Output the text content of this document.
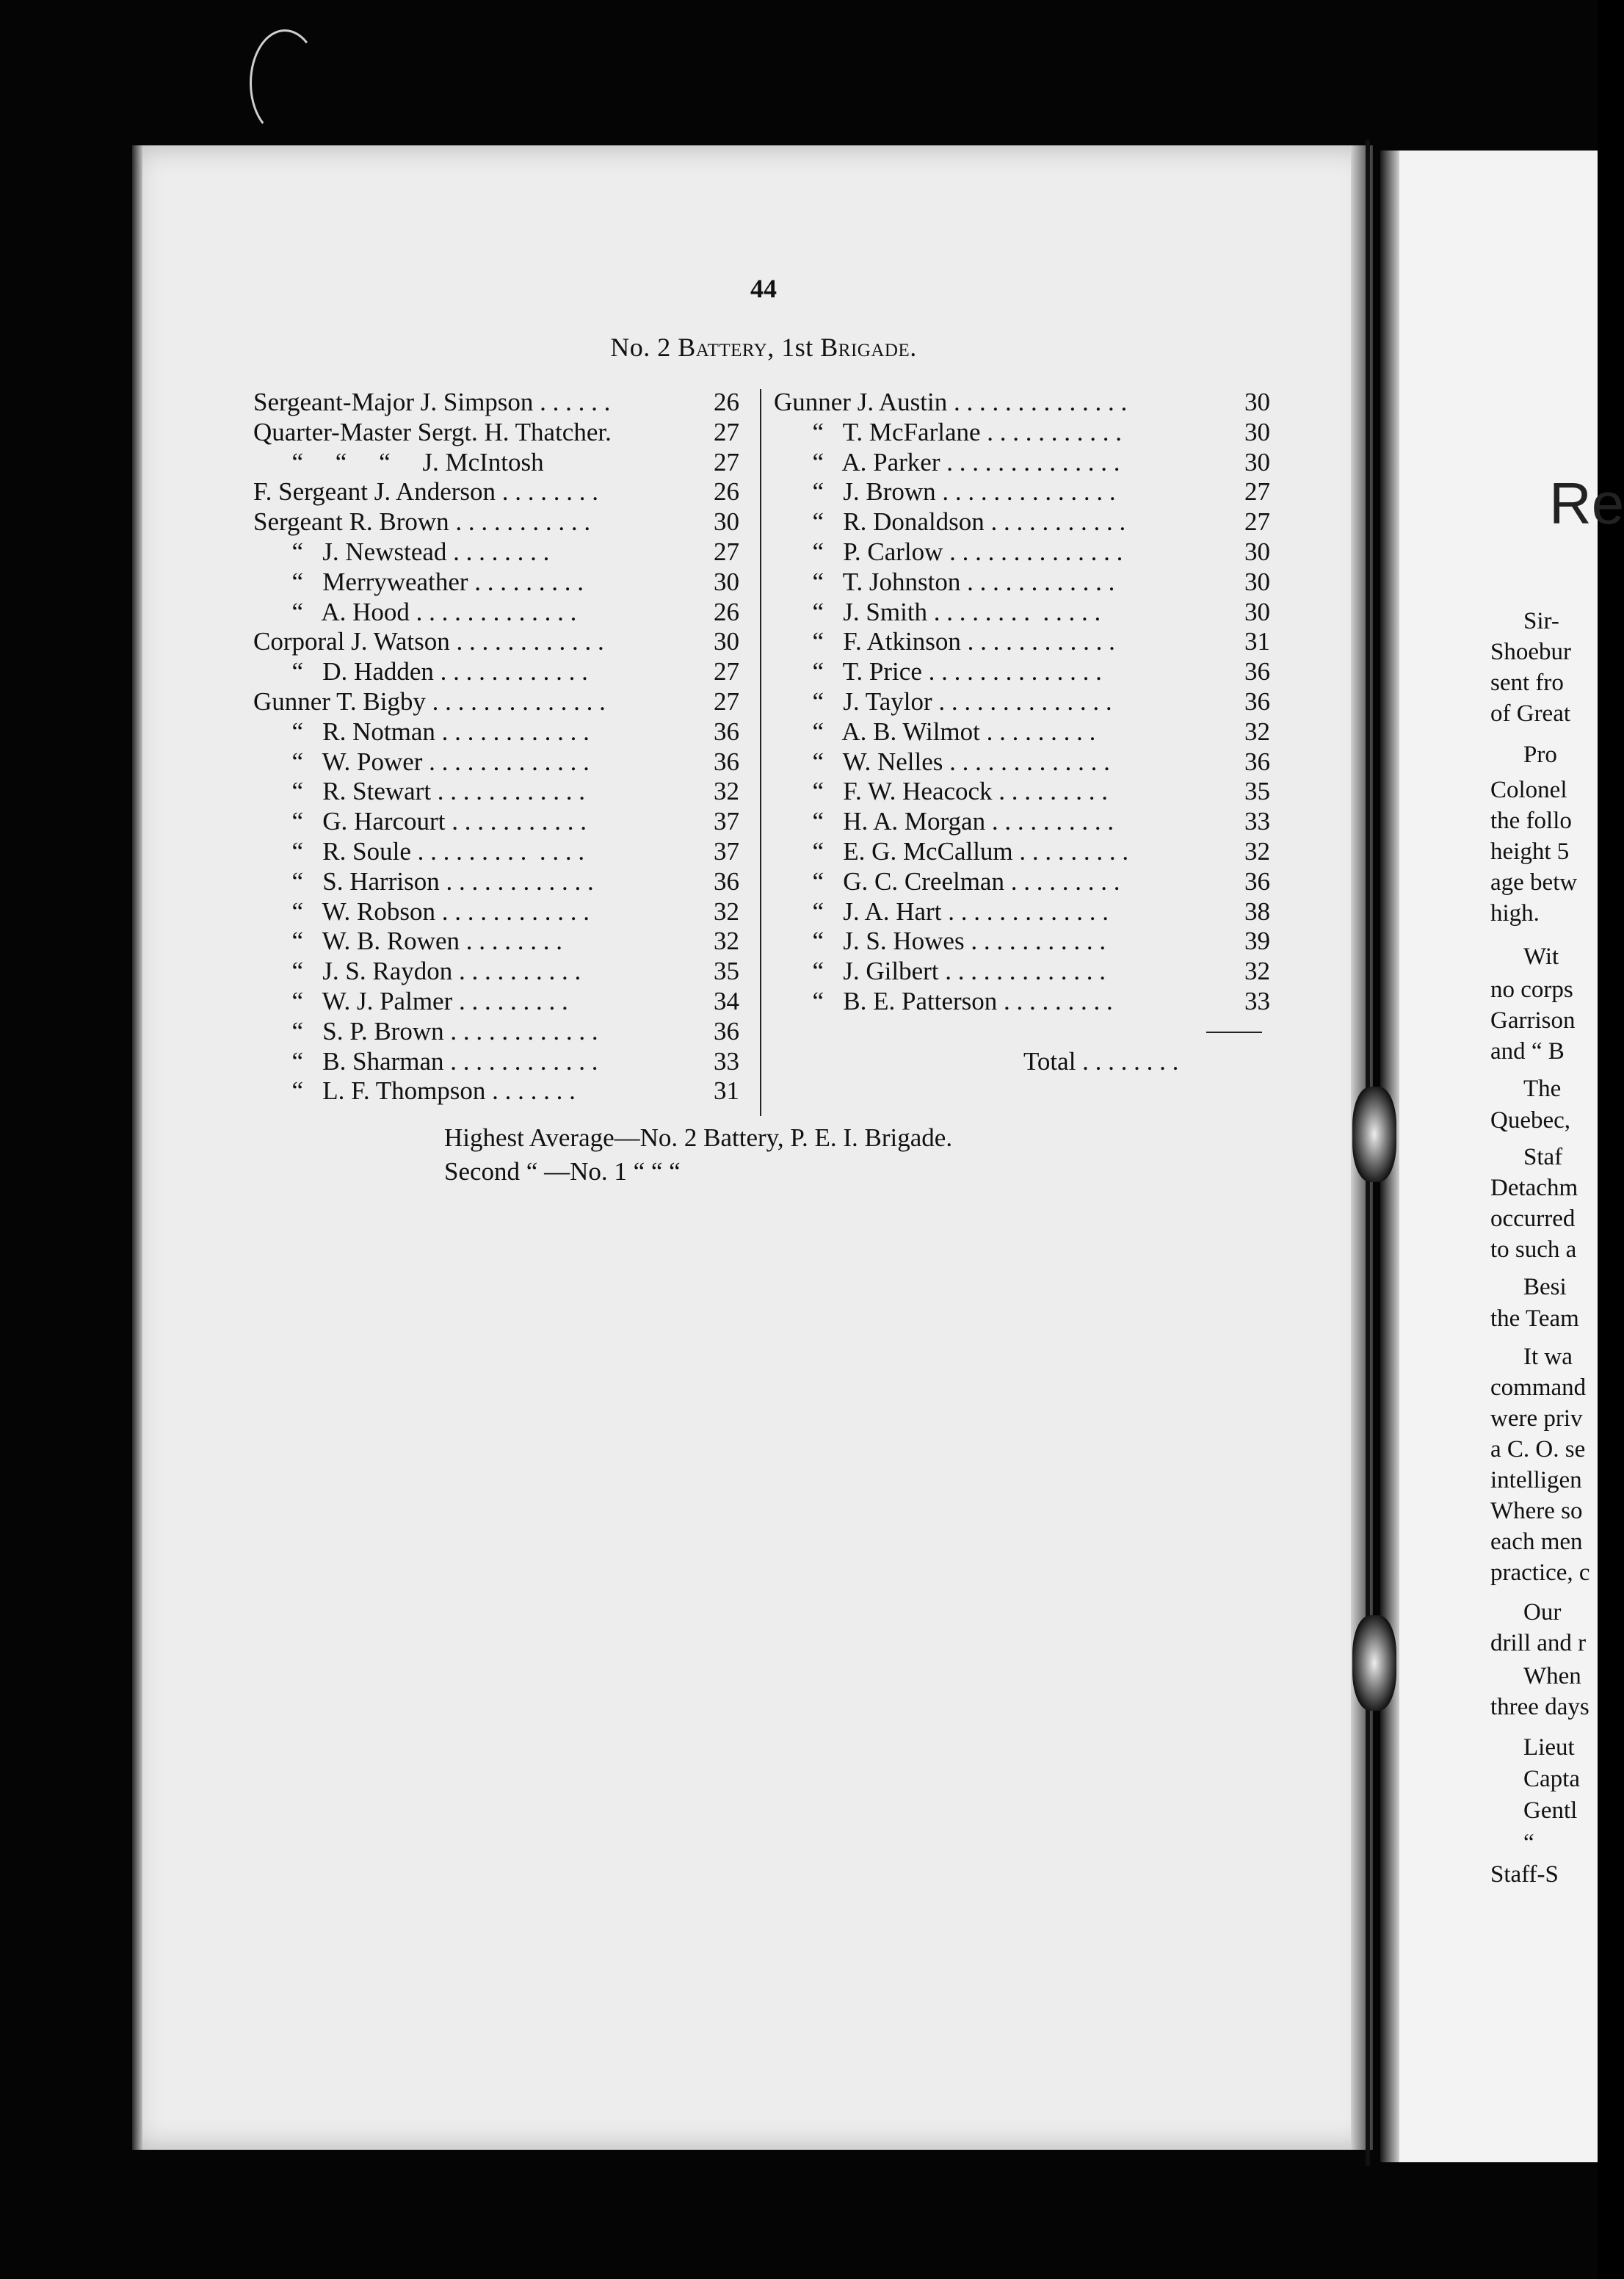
44
No. 2 Battery, 1st Brigade.
Sergeant-Major J. Simpson . . . . . .	26
Quarter-Master Sergt. H. Thatcher.	27
“     “     “     J. McIntosh	27
F. Sergeant J. Anderson . . . . . . . .	26
Sergeant R. Brown . . . . . . . . . . .	30
“   J. Newstead . . . . . . . .	27
“   Merryweather . . . . . . . . .	30
“   A. Hood . . . . . . . . . . . . .	26
Corporal J. Watson . . . . . . . . . . . .	30
“   D. Hadden . . . . . . . . . . . .	27
Gunner T. Bigby . . . . . . . . . . . . . .	27
“   R. Notman . . . . . . . . . . . .	36
“   W. Power . . . . . . . . . . . . .	36
“   R. Stewart . . . . . . . . . . . .	32
“   G. Harcourt . . . . . . . . . . .	37
“   R. Soule . . . . . . . . .  . . . .	37
“   S. Harrison . . . . . . . . . . . .	36
“   W. Robson . . . . . . . . . . . .	32
“   W. B. Rowen . . . . . . . .	32
“   J. S. Raydon . . . . . . . . . .	35
“   W. J. Palmer . . . . . . . . .	34
“   S. P. Brown . . . . . . . . . . . .	36
“   B. Sharman . . . . . . . . . . . .	33
“   L. F. Thompson . . . . . . .	31
Gunner J. Austin . . . . . . . . . . . . . .	30
“   T. McFarlane . . . . . . . . . . .	30
“   A. Parker . . . . . . . . . . . . . .	30
“   J. Brown . . . . . . . . . . . . . .	27
“   R. Donaldson . . . . . . . . . . .	27
“   P. Carlow . . . . . . . . . . . . . .	30
“   T. Johnston . . . . . . . . . . . .	30
“   J. Smith . . . . . . . .  . . . . .	30
“   F. Atkinson . . . . . . . . . . . .	31
“   T. Price . . . . . . . . . . . . . .	36
“   J. Taylor . . . . . . . . . . . . . .	36
“   A. B. Wilmot . . . . . . . . .	32
“   W. Nelles . . . . . . . . . . . . .	36
“   F. W. Heacock . . . . . . . . .	35
“   H. A. Morgan . . . . . . . . . .	33
“   E. G. McCallum . . . . . . . . .	32
“   G. C. Creelman . . . . . . . . .	36
“   J. A. Hart . . . . . . . . . . . . .	38
“   J. S. Howes . . . . . . . . . . .	39
“   J. Gilbert . . . . . . . . . . . . .	32
“   B. E. Patterson . . . . . . . . .	33
Total . . . . . . . .
Highest Average—No. 2 Battery, P. E. I. Brigade.
Second “ —No. 1 “ “ “
Re
Sir-
Shoebur
sent fro
of Great
Pro
Colonel
the follo
height 5
age betw
high.
Wit
no corps
Garrison
and “ B
The
Quebec,
Staf
Detachm
occurred
to such a
Besi
the Team
It wa
command
were priv
a C. O. se
intelligen
Where so
each men
practice, c
Our
drill and r
When
three days
Lieut
Capta
Gentl
“
Staff-S
